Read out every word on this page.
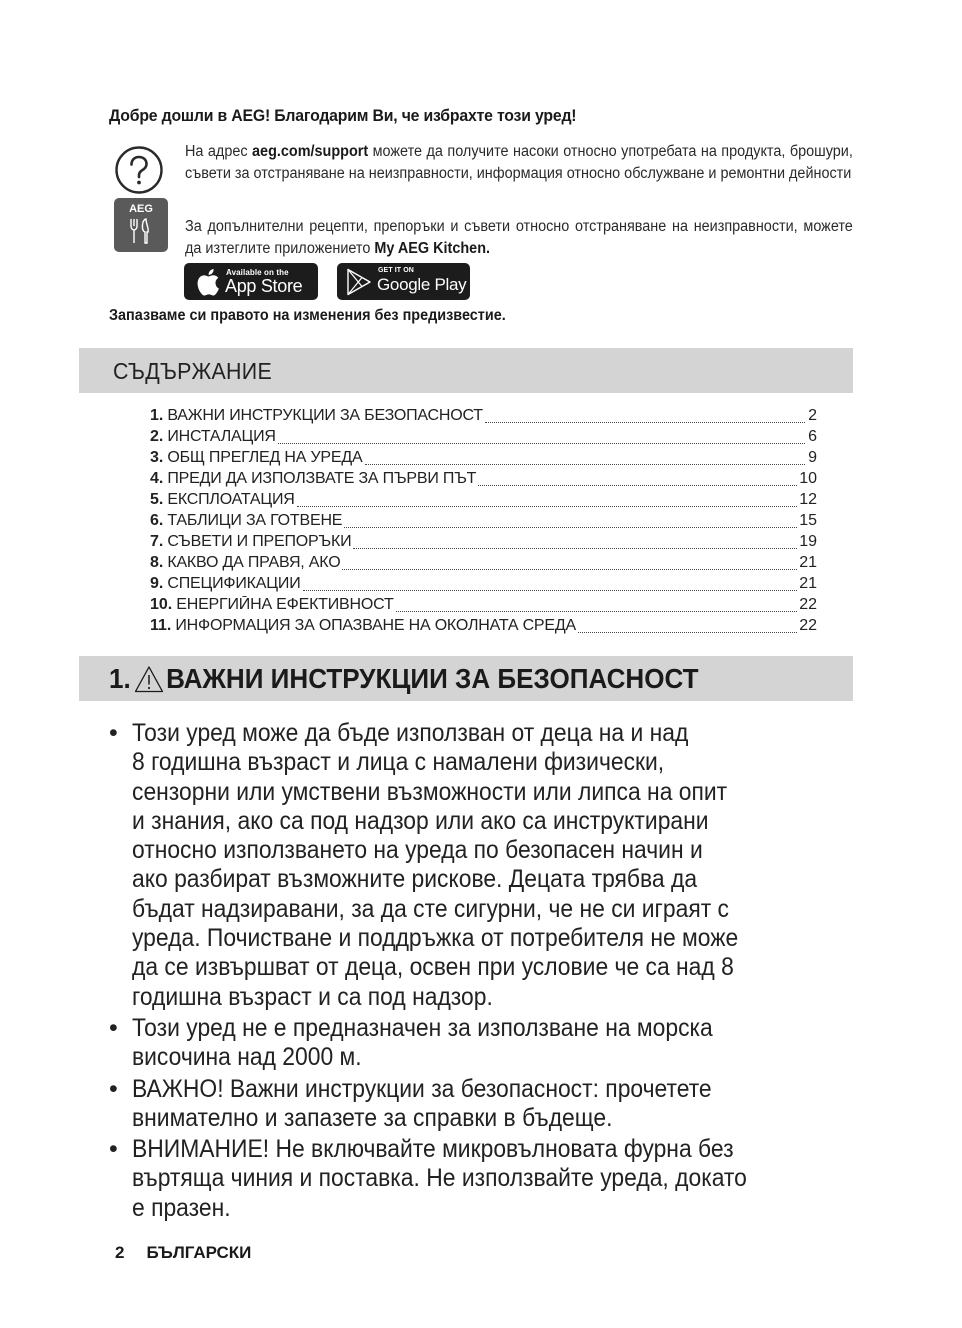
Добре дошли в AEG! Благодарим Ви, че избрахте този уред!
AEG
На адрес aeg.com/support можете да получите насоки относно употребата на продукта, брошури, съвети за отстраняване на неизправности, информация относно обслужване и ремонтни дейности
За допълнителни рецепти, препоръки и съвети относно отстраняване на неизправности, можете да изтеглите приложението My AEG Kitchen.
Available on the
App Store
GET IT ON
Google Play
Запазваме си правото на изменения без предизвестие.
СЪДЪРЖАНИЕ
1. ВАЖНИ ИНСТРУКЦИИ ЗА БЕЗОПАСНОСТ	2
2. ИНСТАЛАЦИЯ	6
3. ОБЩ ПРЕГЛЕД НА УРЕДА	9
4. ПРЕДИ ДА ИЗПОЛЗВАТЕ ЗА ПЪРВИ ПЪТ	10
5. ЕКСПЛОАТАЦИЯ	12
6. ТАБЛИЦИ ЗА ГОТВЕНЕ	15
7. СЪВЕТИ И ПРЕПОРЪКИ	19
8. КАКВО ДА ПРАВЯ, АКО	21
9. СПЕЦИФИКАЦИИ	21
10. ЕНЕРГИЙНА ЕФЕКТИВНОСТ	22
11. ИНФОРМАЦИЯ ЗА ОПАЗВАНЕ НА ОКОЛНАТА СРЕДА	22
1. ВАЖНИ ИНСТРУКЦИИ ЗА БЕЗОПАСНОСТ
• Този уред може да бъде използван от деца на и над
8 годишна възраст и лица с намалени физически,
сензорни или умствени възможности или липса на опит
и знания, ако са под надзор или ако са инструктирани
относно използването на уреда по безопасен начин и
ако разбират възможните рискове. Децата трябва да
бъдат надзиравани, за да сте сигурни, че не си играят с
уреда. Почистване и поддръжка от потребителя не може
да се извършват от деца, освен при условие че са над 8
годишна възраст и са под надзор.
• Този уред не е предназначен за използване на морска
височина над 2000 м.
• ВАЖНО! Важни инструкции за безопасност: прочетете
внимателно и запазете за справки в бъдеще.
• ВНИМАНИЕ! Не включвайте микровълновата фурна без
въртяща чиния и поставка. Не използвайте уреда, докато
е празен.
2 БЪЛГАРСКИ
